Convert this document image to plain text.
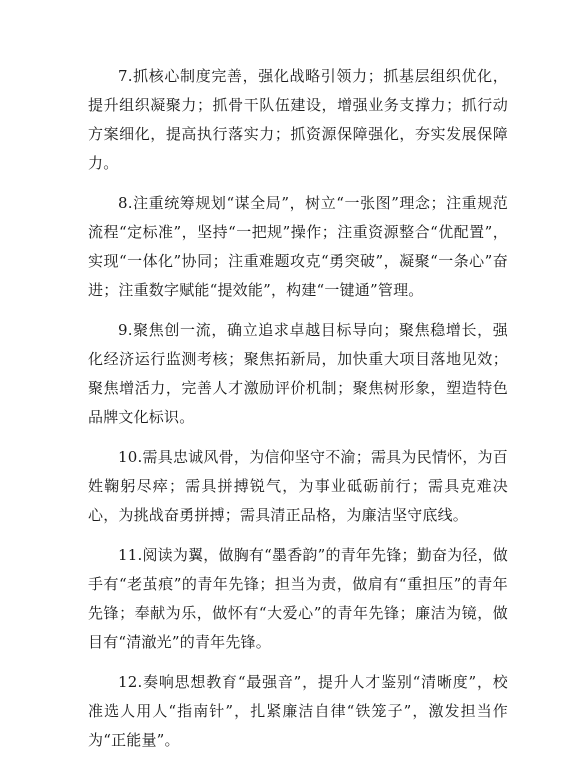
7.抓核心制度完善，强化战略引领力；抓基层组织优化，提升组织凝聚力；抓骨干队伍建设，增强业务支撑力；抓行动方案细化，提高执行落实力；抓资源保障强化，夯实发展保障力。

8.注重统筹规划“谋全局”，树立“一张图”理念；注重规范流程“定标准”，坚持“一把规”操作；注重资源整合“优配置”，实现“一体化”协同；注重难题攻克“勇突破”，凝聚“一条心”奋进；注重数字赋能“提效能”，构建“一键通”管理。

9.聚焦创一流，确立追求卓越目标导向；聚焦稳增长，强化经济运行监测考核；聚焦拓新局，加快重大项目落地见效；聚焦增活力，完善人才激励评价机制；聚焦树形象，塑造特色品牌文化标识。

10.需具忠诚风骨，为信仰坚守不渝；需具为民情怀，为百姓鞠躬尽瘁；需具拼搏锐气，为事业砥砺前行；需具克难决心，为挑战奋勇拼搏；需具清正品格，为廉洁坚守底线。

11.阅读为翼，做胸有“墨香韵”的青年先锋；勤奋为径，做手有“老茧痕”的青年先锋；担当为责，做肩有“重担压”的青年先锋；奉献为乐，做怀有“大爱心”的青年先锋；廉洁为镜，做目有“清澈光”的青年先锋。

12.奏响思想教育“最强音”，提升人才鉴别“清晰度”，校准选人用人“指南针”，扎紧廉洁自律“铁笼子”，激发担当作为“正能量”。
